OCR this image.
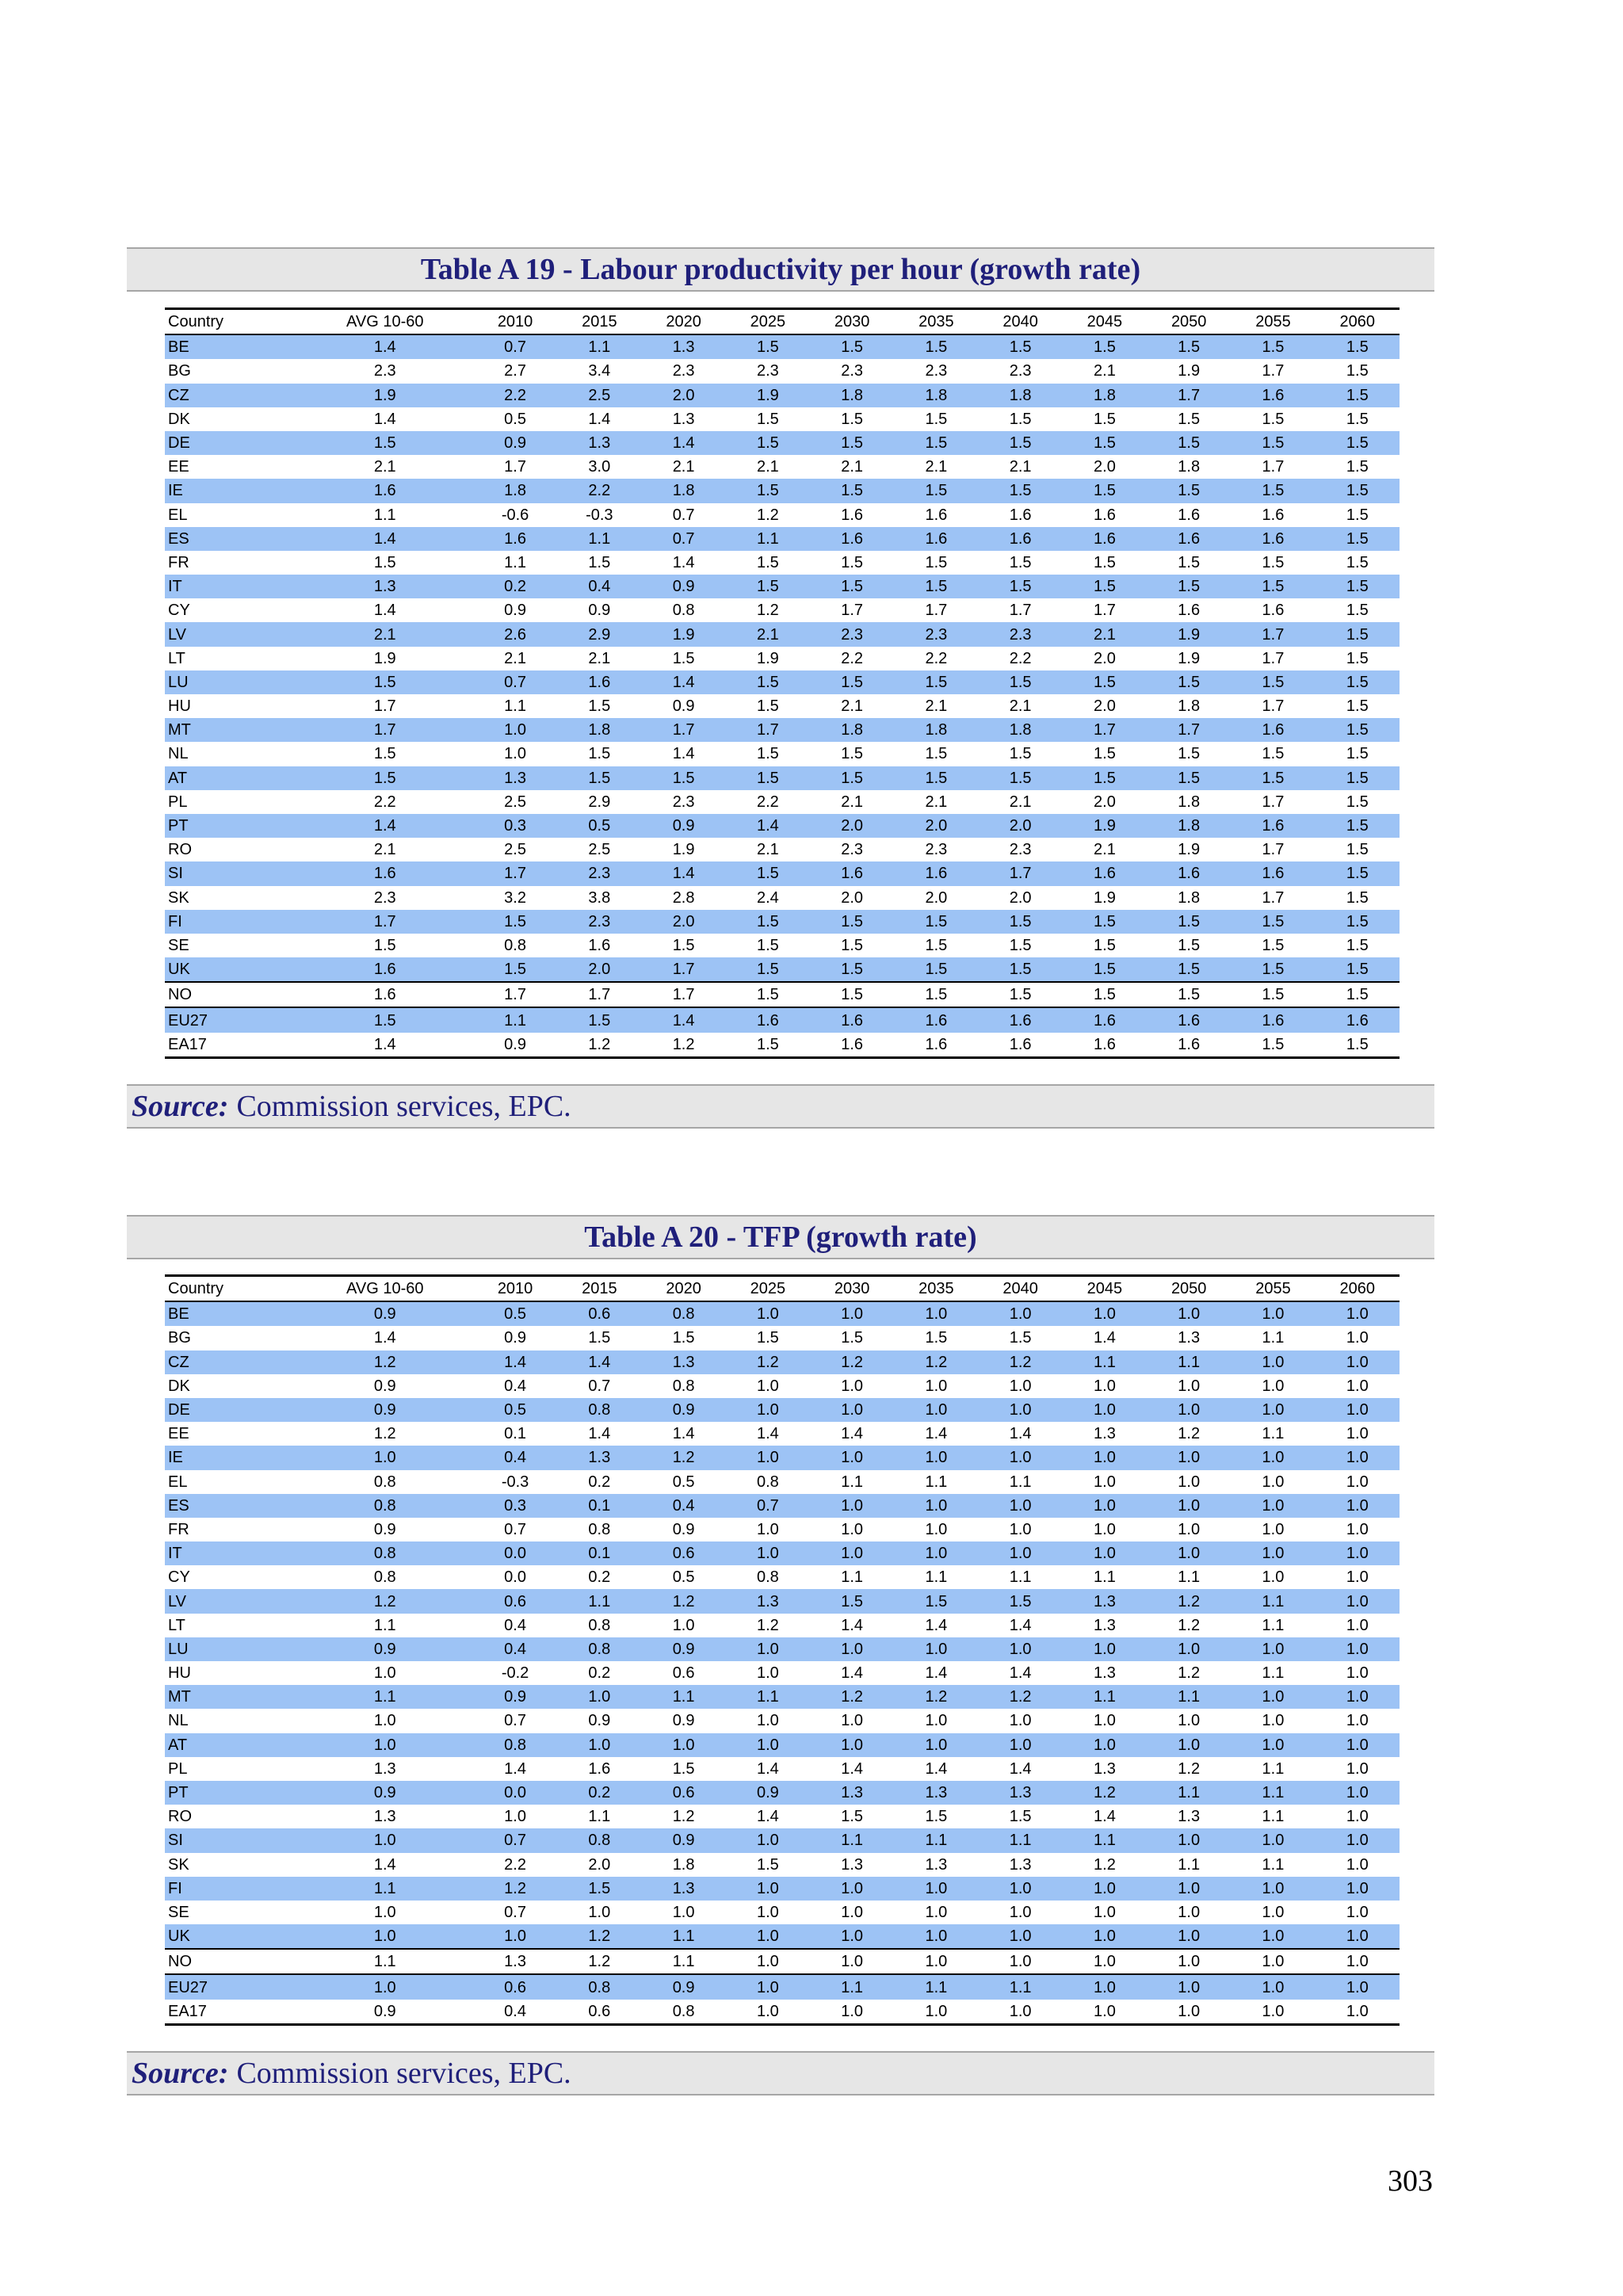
Table A 19 - Labour productivity per hour (growth rate)
Country	AVG 10-60	2010	2015	2020	2025	2030	2035	2040	2045	2050	2055	2060
BE	1.4	0.7	1.1	1.3	1.5	1.5	1.5	1.5	1.5	1.5	1.5	1.5
BG	2.3	2.7	3.4	2.3	2.3	2.3	2.3	2.3	2.1	1.9	1.7	1.5
CZ	1.9	2.2	2.5	2.0	1.9	1.8	1.8	1.8	1.8	1.7	1.6	1.5
DK	1.4	0.5	1.4	1.3	1.5	1.5	1.5	1.5	1.5	1.5	1.5	1.5
DE	1.5	0.9	1.3	1.4	1.5	1.5	1.5	1.5	1.5	1.5	1.5	1.5
EE	2.1	1.7	3.0	2.1	2.1	2.1	2.1	2.1	2.0	1.8	1.7	1.5
IE	1.6	1.8	2.2	1.8	1.5	1.5	1.5	1.5	1.5	1.5	1.5	1.5
EL	1.1	-0.6	-0.3	0.7	1.2	1.6	1.6	1.6	1.6	1.6	1.6	1.5
ES	1.4	1.6	1.1	0.7	1.1	1.6	1.6	1.6	1.6	1.6	1.6	1.5
FR	1.5	1.1	1.5	1.4	1.5	1.5	1.5	1.5	1.5	1.5	1.5	1.5
IT	1.3	0.2	0.4	0.9	1.5	1.5	1.5	1.5	1.5	1.5	1.5	1.5
CY	1.4	0.9	0.9	0.8	1.2	1.7	1.7	1.7	1.7	1.6	1.6	1.5
LV	2.1	2.6	2.9	1.9	2.1	2.3	2.3	2.3	2.1	1.9	1.7	1.5
LT	1.9	2.1	2.1	1.5	1.9	2.2	2.2	2.2	2.0	1.9	1.7	1.5
LU	1.5	0.7	1.6	1.4	1.5	1.5	1.5	1.5	1.5	1.5	1.5	1.5
HU	1.7	1.1	1.5	0.9	1.5	2.1	2.1	2.1	2.0	1.8	1.7	1.5
MT	1.7	1.0	1.8	1.7	1.7	1.8	1.8	1.8	1.7	1.7	1.6	1.5
NL	1.5	1.0	1.5	1.4	1.5	1.5	1.5	1.5	1.5	1.5	1.5	1.5
AT	1.5	1.3	1.5	1.5	1.5	1.5	1.5	1.5	1.5	1.5	1.5	1.5
PL	2.2	2.5	2.9	2.3	2.2	2.1	2.1	2.1	2.0	1.8	1.7	1.5
PT	1.4	0.3	0.5	0.9	1.4	2.0	2.0	2.0	1.9	1.8	1.6	1.5
RO	2.1	2.5	2.5	1.9	2.1	2.3	2.3	2.3	2.1	1.9	1.7	1.5
SI	1.6	1.7	2.3	1.4	1.5	1.6	1.6	1.7	1.6	1.6	1.6	1.5
SK	2.3	3.2	3.8	2.8	2.4	2.0	2.0	2.0	1.9	1.8	1.7	1.5
FI	1.7	1.5	2.3	2.0	1.5	1.5	1.5	1.5	1.5	1.5	1.5	1.5
SE	1.5	0.8	1.6	1.5	1.5	1.5	1.5	1.5	1.5	1.5	1.5	1.5
UK	1.6	1.5	2.0	1.7	1.5	1.5	1.5	1.5	1.5	1.5	1.5	1.5
NO	1.6	1.7	1.7	1.7	1.5	1.5	1.5	1.5	1.5	1.5	1.5	1.5
EU27	1.5	1.1	1.5	1.4	1.6	1.6	1.6	1.6	1.6	1.6	1.6	1.6
EA17	1.4	0.9	1.2	1.2	1.5	1.6	1.6	1.6	1.6	1.6	1.5	1.5
Source: Commission services, EPC.
Table A 20 - TFP (growth rate)
Country	AVG 10-60	2010	2015	2020	2025	2030	2035	2040	2045	2050	2055	2060
BE	0.9	0.5	0.6	0.8	1.0	1.0	1.0	1.0	1.0	1.0	1.0	1.0
BG	1.4	0.9	1.5	1.5	1.5	1.5	1.5	1.5	1.4	1.3	1.1	1.0
CZ	1.2	1.4	1.4	1.3	1.2	1.2	1.2	1.2	1.1	1.1	1.0	1.0
DK	0.9	0.4	0.7	0.8	1.0	1.0	1.0	1.0	1.0	1.0	1.0	1.0
DE	0.9	0.5	0.8	0.9	1.0	1.0	1.0	1.0	1.0	1.0	1.0	1.0
EE	1.2	0.1	1.4	1.4	1.4	1.4	1.4	1.4	1.3	1.2	1.1	1.0
IE	1.0	0.4	1.3	1.2	1.0	1.0	1.0	1.0	1.0	1.0	1.0	1.0
EL	0.8	-0.3	0.2	0.5	0.8	1.1	1.1	1.1	1.0	1.0	1.0	1.0
ES	0.8	0.3	0.1	0.4	0.7	1.0	1.0	1.0	1.0	1.0	1.0	1.0
FR	0.9	0.7	0.8	0.9	1.0	1.0	1.0	1.0	1.0	1.0	1.0	1.0
IT	0.8	0.0	0.1	0.6	1.0	1.0	1.0	1.0	1.0	1.0	1.0	1.0
CY	0.8	0.0	0.2	0.5	0.8	1.1	1.1	1.1	1.1	1.1	1.0	1.0
LV	1.2	0.6	1.1	1.2	1.3	1.5	1.5	1.5	1.3	1.2	1.1	1.0
LT	1.1	0.4	0.8	1.0	1.2	1.4	1.4	1.4	1.3	1.2	1.1	1.0
LU	0.9	0.4	0.8	0.9	1.0	1.0	1.0	1.0	1.0	1.0	1.0	1.0
HU	1.0	-0.2	0.2	0.6	1.0	1.4	1.4	1.4	1.3	1.2	1.1	1.0
MT	1.1	0.9	1.0	1.1	1.1	1.2	1.2	1.2	1.1	1.1	1.0	1.0
NL	1.0	0.7	0.9	0.9	1.0	1.0	1.0	1.0	1.0	1.0	1.0	1.0
AT	1.0	0.8	1.0	1.0	1.0	1.0	1.0	1.0	1.0	1.0	1.0	1.0
PL	1.3	1.4	1.6	1.5	1.4	1.4	1.4	1.4	1.3	1.2	1.1	1.0
PT	0.9	0.0	0.2	0.6	0.9	1.3	1.3	1.3	1.2	1.1	1.1	1.0
RO	1.3	1.0	1.1	1.2	1.4	1.5	1.5	1.5	1.4	1.3	1.1	1.0
SI	1.0	0.7	0.8	0.9	1.0	1.1	1.1	1.1	1.1	1.0	1.0	1.0
SK	1.4	2.2	2.0	1.8	1.5	1.3	1.3	1.3	1.2	1.1	1.1	1.0
FI	1.1	1.2	1.5	1.3	1.0	1.0	1.0	1.0	1.0	1.0	1.0	1.0
SE	1.0	0.7	1.0	1.0	1.0	1.0	1.0	1.0	1.0	1.0	1.0	1.0
UK	1.0	1.0	1.2	1.1	1.0	1.0	1.0	1.0	1.0	1.0	1.0	1.0
NO	1.1	1.3	1.2	1.1	1.0	1.0	1.0	1.0	1.0	1.0	1.0	1.0
EU27	1.0	0.6	0.8	0.9	1.0	1.1	1.1	1.1	1.0	1.0	1.0	1.0
EA17	0.9	0.4	0.6	0.8	1.0	1.0	1.0	1.0	1.0	1.0	1.0	1.0
Source: Commission services, EPC.
303
